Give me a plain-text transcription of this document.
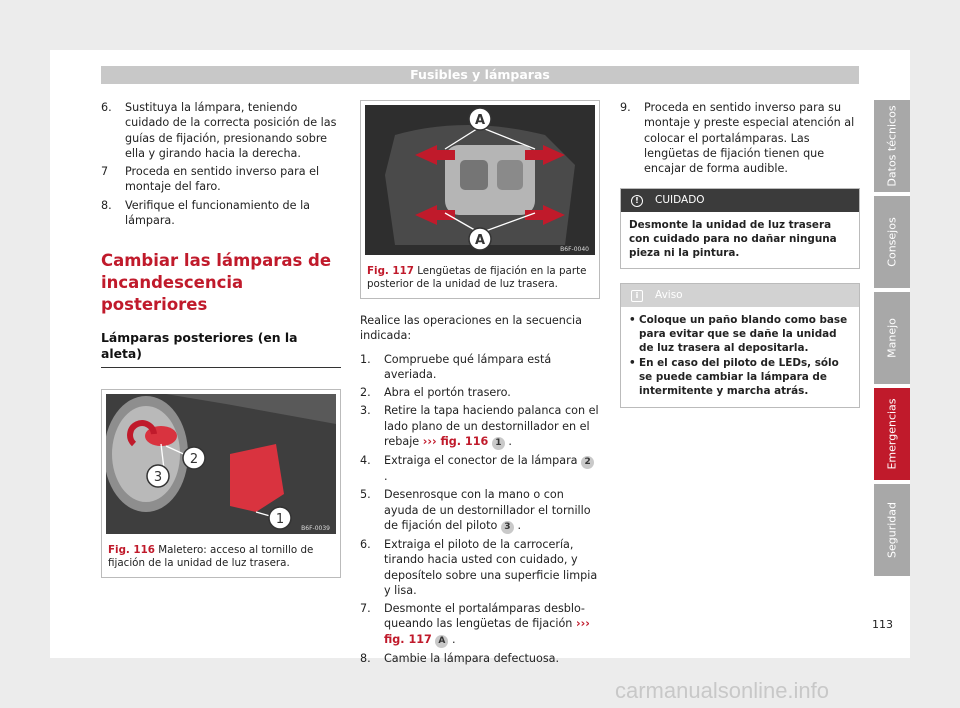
Fusibles y lámparas
6.	Sustituya la lámpara, teniendo cuidado de la correcta posición de las guías de fijación, presionando sobre ella y girando hacia la derecha.
7	Proceda en sentido inverso para el montaje del faro.
8.	Verifique el funcionamiento de la lámpara.
Cambiar las lámparas de incandescencia posteriores
Lámparas posteriores (en la aleta)
1
2
3
B6F-0039
Fig. 116 Maletero: acceso al tornillo de fijación de la unidad de luz trasera.
A
A
B6F-0040
Fig. 117 Lengüetas de fijación en la parte posterior de la unidad de luz trasera.

Realice las operaciones en la secuencia indicada:

1.	Compruebe qué lámpara está averiada.
2.	Abra el portón trasero.
3.	Retire la tapa haciendo palanca con el lado plano de un destornillador en el rebaje ››› fig. 116 1 .
4.	Extraiga el conector de la lámpara 2 .
5.	Desenrosque con la mano o con ayuda de un destornillador el tornillo de fijación del piloto 3 .
6.	Extraiga el piloto de la carrocería, tirando hacia usted con cuidado, y deposítelo sobre una superficie limpia y lisa.
7.	Desmonte el portalámparas desbloqueando las lengüetas de fijación ››› fig. 117 A .
8.	Cambie la lámpara defectuosa.
9.	Proceda en sentido inverso para su montaje y preste especial atención al colocar el portalámparas. Las lengüetas de fijación tienen que encajar de forma audible.
!	CUIDADO
Desmonte la unidad de luz trasera con cuidado para no dañar ninguna pieza ni la pintura.
i	Aviso
• Coloque un paño blando como base para evitar que se dañe la unidad de luz trasera al depositarla.
• En el caso del piloto de LEDs, sólo se puede cambiar la lámpara de intermitente y marcha atrás.
Datos técnicos
Consejos
Manejo
Emergencias
Seguridad
113
carmanualsonline.info
